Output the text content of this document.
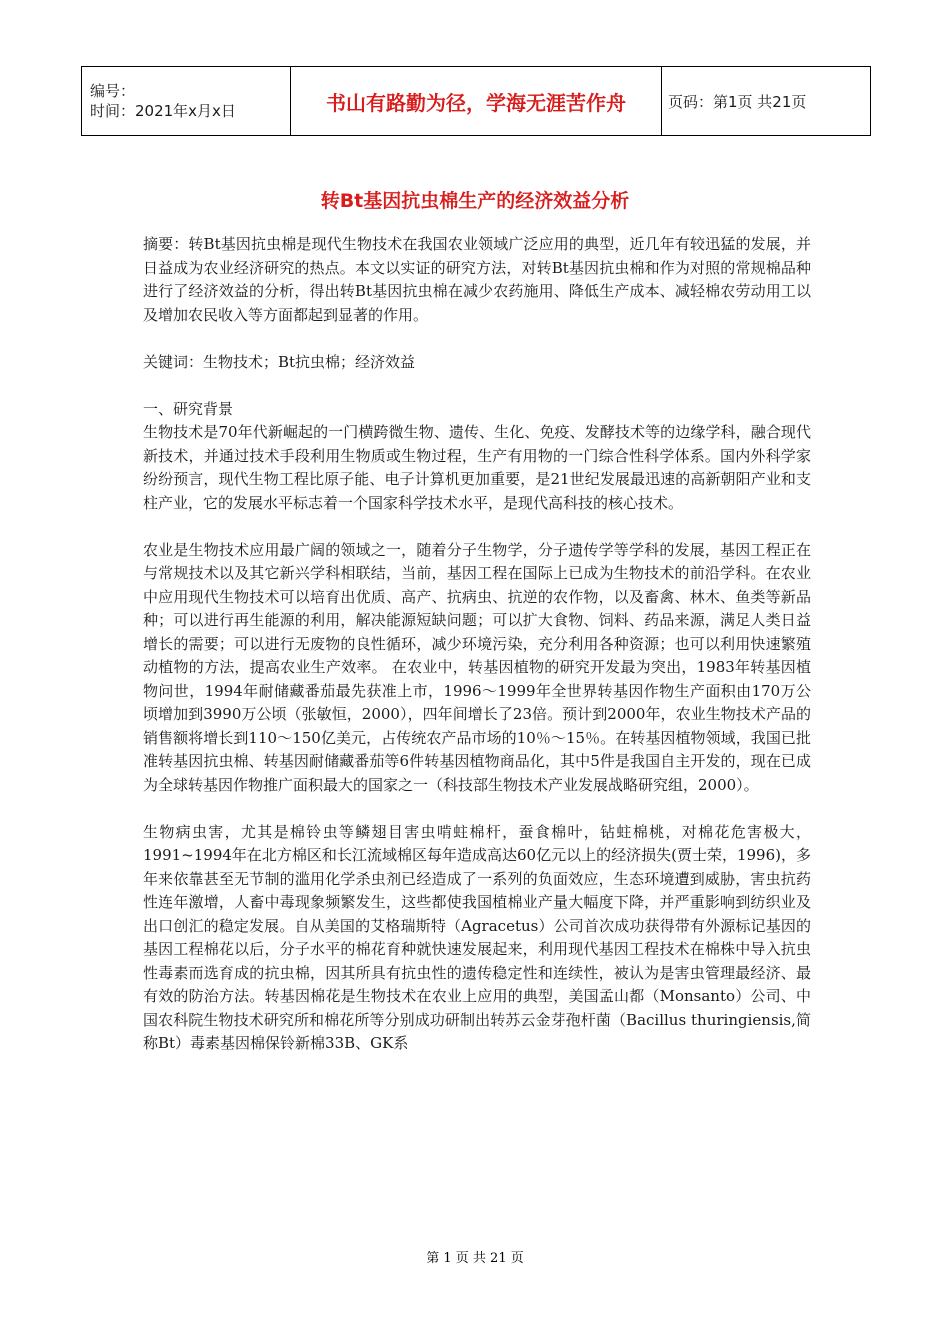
编号：
时间：2021年x月x日	书山有路勤为径，学海无涯苦作舟	页码：第1页 共21页
转Bt基因抗虫棉生产的经济效益分析

摘要：转Bt基因抗虫棉是现代生物技术在我国农业领域广泛应用的典型，近几年有较迅猛的发展，并日益成为农业经济研究的热点。本文以实证的研究方法，对转Bt基因抗虫棉和作为对照的常规棉品种进行了经济效益的分析，得出转Bt基因抗虫棉在减少农药施用、降低生产成本、减轻棉农劳动用工以及增加农民收入等方面都起到显著的作用。

关键词：生物技术；Bt抗虫棉；经济效益

一、研究背景

生物技术是70年代新崛起的一门横跨微生物、遗传、生化、免疫、发酵技术等的边缘学科，融合现代新技术，并通过技术手段利用生物质或生物过程，生产有用物的一门综合性科学体系。国内外科学家纷纷预言，现代生物工程比原子能、电子计算机更加重要，是21世纪发展最迅速的高新朝阳产业和支柱产业，它的发展水平标志着一个国家科学技术水平，是现代高科技的核心技术。

农业是生物技术应用最广阔的领域之一，随着分子生物学，分子遗传学等学科的发展，基因工程正在与常规技术以及其它新兴学科相联结，当前，基因工程在国际上已成为生物技术的前沿学科。在农业中应用现代生物技术可以培育出优质、高产、抗病虫、抗逆的农作物，以及畜禽、林木、鱼类等新品种；可以进行再生能源的利用，解决能源短缺问题；可以扩大食物、饲料、药品来源，满足人类日益增长的需要；可以进行无废物的良性循环，减少环境污染，充分利用各种资源；也可以利用快速繁殖动植物的方法，提高农业生产效率。 在农业中，转基因植物的研究开发最为突出，1983年转基因植物问世，1994年耐储藏番茄最先获准上市，1996～1999年全世界转基因作物生产面积由170万公顷增加到3990万公顷（张敏恒，2000），四年间增长了23倍。预计到2000年，农业生物技术产品的销售额将增长到110～150亿美元，占传统农产品市场的10％～15％。在转基因植物领域，我国已批准转基因抗虫棉、转基因耐储藏番茄等6件转基因植物商品化，其中5件是我国自主开发的，现在已成为全球转基因作物推广面积最大的国家之一（科技部生物技术产业发展战略研究组，2000）。

生物病虫害，尤其是棉铃虫等鳞翅目害虫啃蛀棉杆，蚕食棉叶，钻蛀棉桃，对棉花危害极大，1991~1994年在北方棉区和长江流域棉区每年造成高达60亿元以上的经济损失(贾士荣，1996)，多年来依靠甚至无节制的滥用化学杀虫剂已经造成了一系列的负面效应，生态环境遭到威胁，害虫抗药性连年激增，人畜中毒现象频繁发生，这些都使我国植棉业产量大幅度下降，并严重影响到纺织业及出口创汇的稳定发展。自从美国的艾格瑞斯特（Agracetus）公司首次成功获得带有外源标记基因的基因工程棉花以后，分子水平的棉花育种就快速发展起来，利用现代基因工程技术在棉株中导入抗虫性毒素而选育成的抗虫棉，因其所具有抗虫性的遗传稳定性和连续性，被认为是害虫管理最经济、最有效的防治方法。转基因棉花是生物技术在农业上应用的典型，美国孟山都（Monsanto）公司、中国农科院生物技术研究所和棉花所等分别成功研制出转苏云金芽孢杆菌（Bacillus thuringiensis,简称Bt）毒素基因棉保铃新棉33B、GK系

第 1 页 共 21 页
